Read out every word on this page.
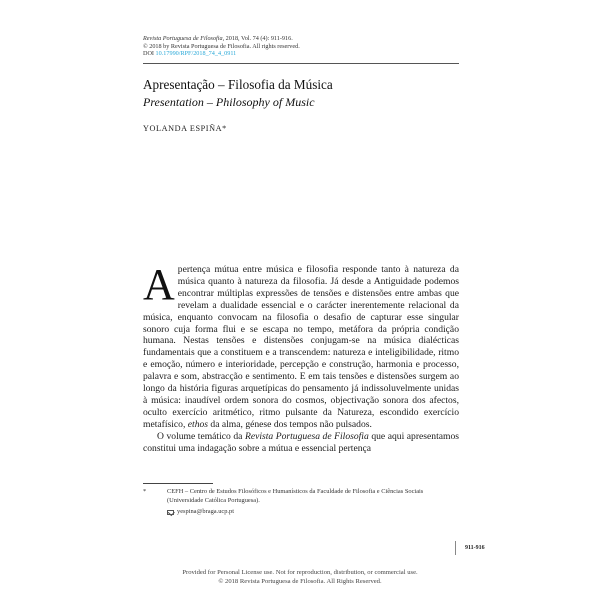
Revista Portuguesa de Filosofia, 2018, Vol. 74 (4): 911-916.
© 2018 by Revista Portuguesa de Filosofia. All rights reserved.
DOI 10.17990/RPF/2018_74_4_0911
Apresentação – Filosofia da Música
Presentation – Philosophy of Music
YOLANDA ESPIÑA*

Apertença mútua entre música e filosofia responde tanto à natureza da música quanto à natureza da filosofia. Já desde a Antiguidade podemos encontrar múltiplas expressões de tensões e distensões entre ambas que revelam a dualidade essencial e o carácter inerentemente relacional da música, enquanto convocam na filosofia o desafio de capturar esse singular sonoro cuja forma flui e se escapa no tempo, metáfora da própria condição humana. Nestas tensões e distensões conjugam-se na música dialécticas fundamentais que a constituem e a transcendem: natureza e inteligibilidade, ritmo e emoção, número e interioridade, percepção e construção, harmonia e processo, palavra e som, abstracção e sentimento. E em tais tensões e distensões surgem ao longo da história figuras arquetípicas do pensamento já indissoluvelmente unidas à música: inaudível ordem sonora do cosmos, objectivação sonora dos afectos, oculto exercício aritmético, ritmo pulsante da Natureza, escondido exercício metafísico, ethos da alma, génese dos tempos não pulsados.

O volume temático da Revista Portuguesa de Filosofia que aqui apresentamos constitui uma indagação sobre a mútua e essencial pertença

*	CEFH – Centro de Estudos Filosóficos e Humanísticos da Faculdade de Filosofia e Ciências Sociais (Universidade Católica Portuguesa).
yespina@braga.ucp.pt
911-916
Provided for Personal License use. Not for reproduction, distribution, or commercial use.
© 2018 Revista Portuguesa de Filosofia. All Rights Reserved.
